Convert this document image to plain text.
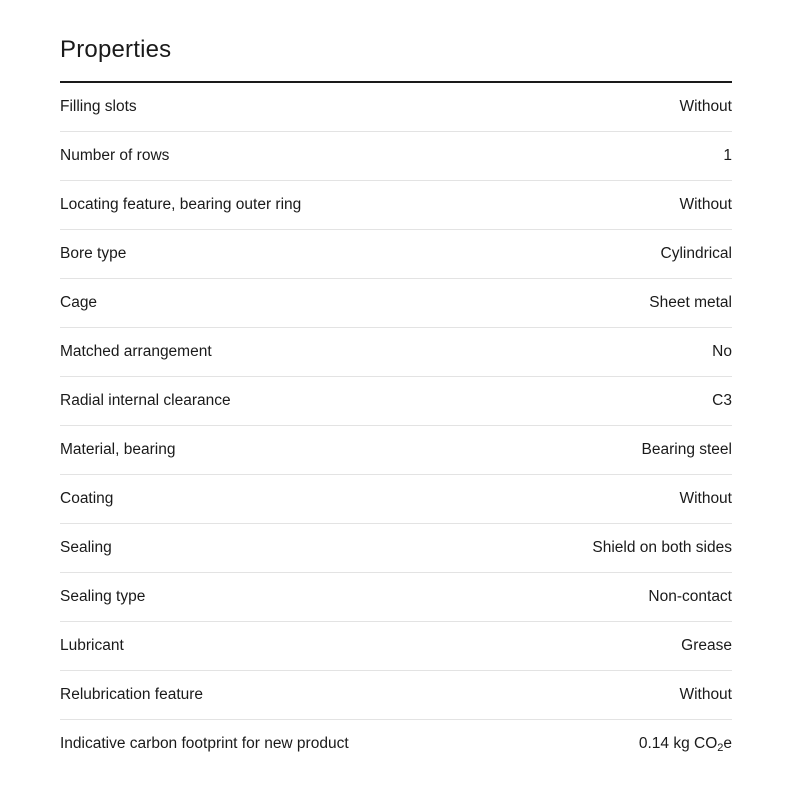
Properties
Filling slots	Without
Number of rows	1
Locating feature, bearing outer ring	Without
Bore type	Cylindrical
Cage	Sheet metal
Matched arrangement	No
Radial internal clearance	C3
Material, bearing	Bearing steel
Coating	Without
Sealing	Shield on both sides
Sealing type	Non-contact
Lubricant	Grease
Relubrication feature	Without
Indicative carbon footprint for new product	0.14 kg $CO_2e$
